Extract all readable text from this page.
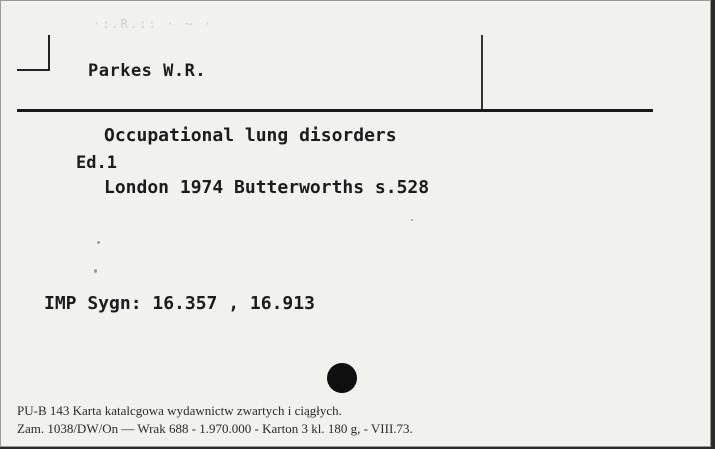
·:.R.:: · ~ ·

Parkes W.R.

Occupational lung disorders

Ed.1

London 1974 Butterworths s.528

IMP Sygn: 16.357 , 16.913

PU-B 143 Karta katalcgowa wydawnictw zwartych i ciągłych.
Zam. 1038/DW/On — Wrak 688 - 1.970.000 - Karton 3 kl. 180 g, - VIII.73.
